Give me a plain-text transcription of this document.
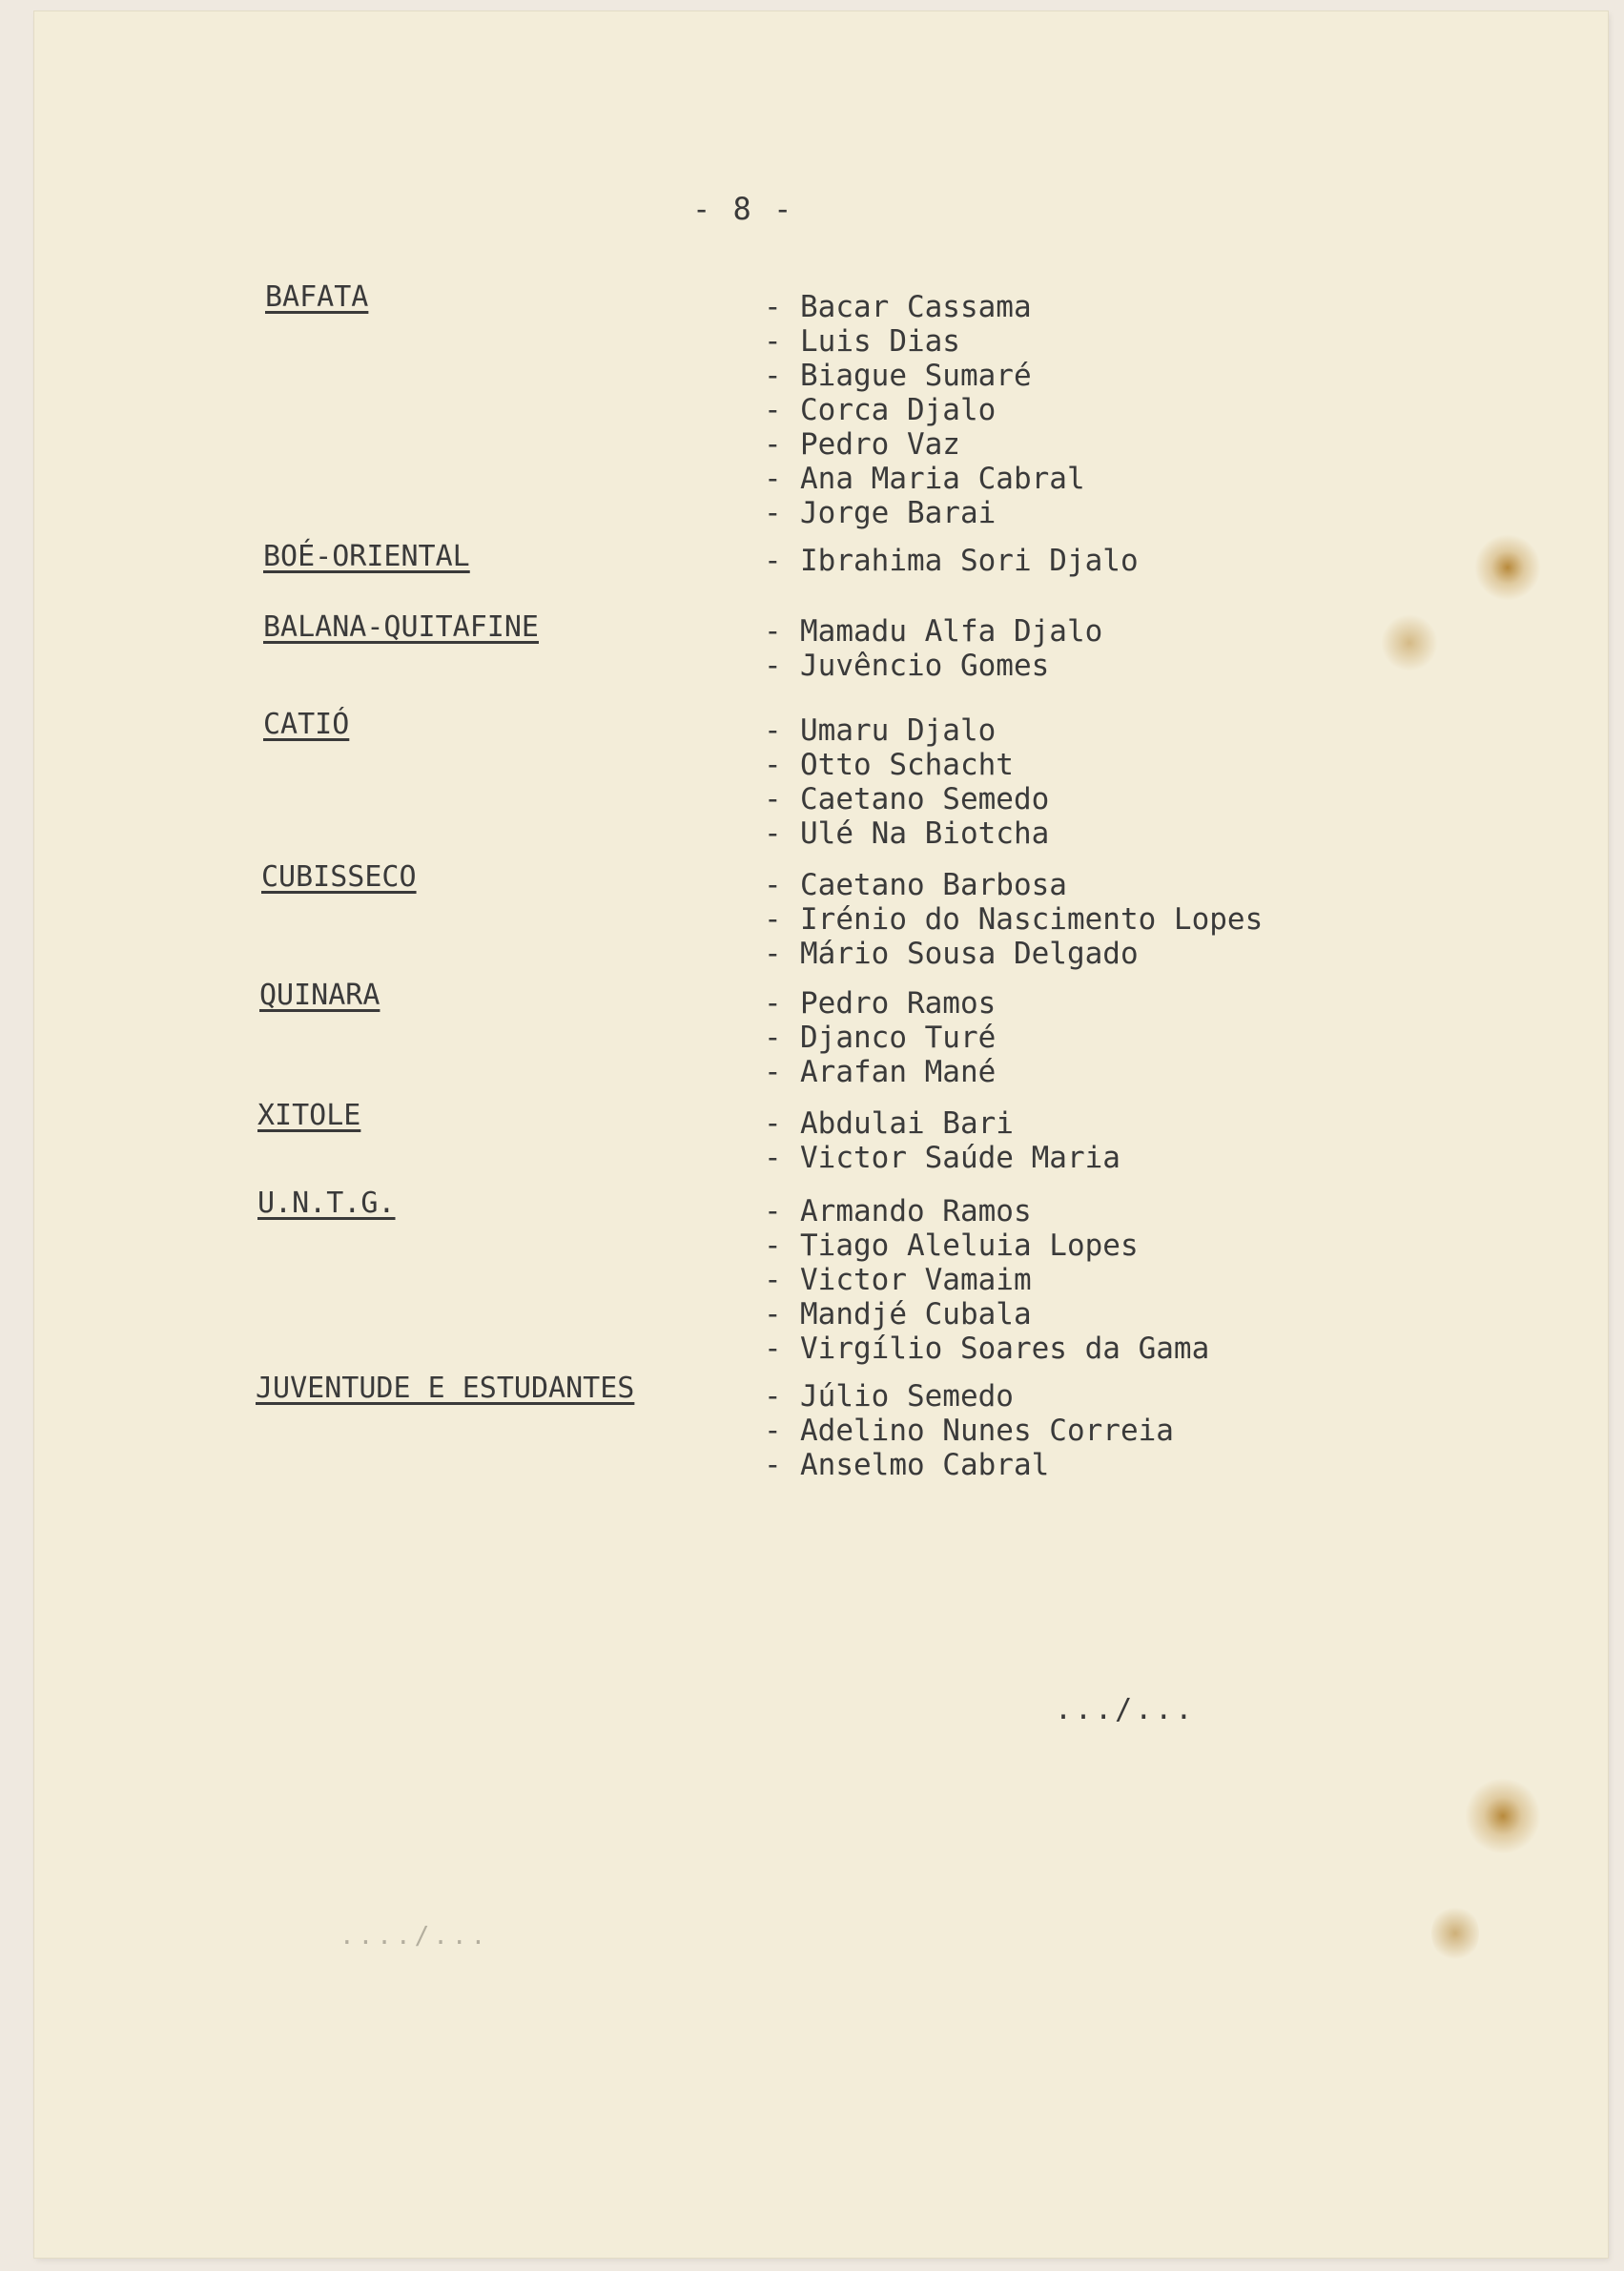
- 8 -
BAFATA	- Bacar Cassama
- Luis Dias
- Biague Sumaré
- Corca Djalo
- Pedro Vaz
- Ana Maria Cabral
- Jorge Barai
BOÉ-ORIENTAL	- Ibrahima Sori Djalo
BALANA-QUITAFINE	- Mamadu Alfa Djalo
- Juvêncio Gomes
CATIÓ	- Umaru Djalo
- Otto Schacht
- Caetano Semedo
- Ulé Na Biotcha
CUBISSECO	- Caetano Barbosa
- Irénio do Nascimento Lopes
- Mário Sousa Delgado
QUINARA	- Pedro Ramos
- Djanco Turé
- Arafan Mané
XITOLE	- Abdulai Bari
- Victor Saúde Maria
U.N.T.G.	- Armando Ramos
- Tiago Aleluia Lopes
- Victor Vamaim
- Mandjé Cubala
- Virgílio Soares da Gama
JUVENTUDE E ESTUDANTES	- Júlio Semedo
- Adelino Nunes Correia
- Anselmo Cabral
.../...
..../...
